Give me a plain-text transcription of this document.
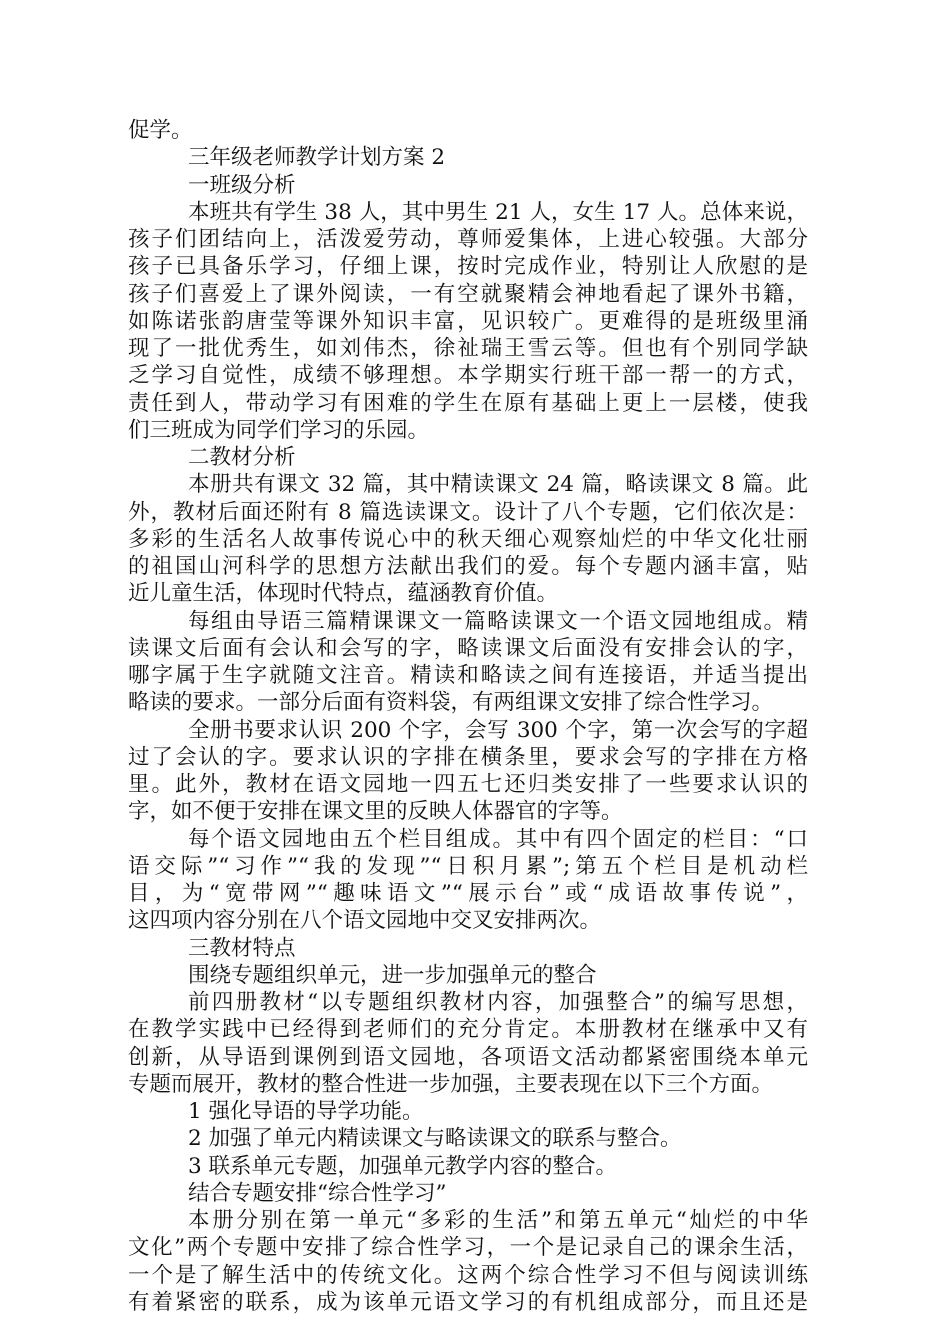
促学。
三年级老师教学计划方案 2
一班级分析
本班共有学生 38 人，其中男生 21 人，女生 17 人。总体来说，
孩子们团结向上，活泼爱劳动，尊师爱集体，上进心较强。大部分
孩子已具备乐学习，仔细上课，按时完成作业，特别让人欣慰的是
孩子们喜爱上了课外阅读，一有空就聚精会神地看起了课外书籍，
如陈诺张韵唐莹等课外知识丰富，见识较广。更难得的是班级里涌
现了一批优秀生，如刘伟杰，徐祉瑞王雪云等。但也有个别同学缺
乏学习自觉性，成绩不够理想。本学期实行班干部一帮一的方式，
责任到人，带动学习有困难的学生在原有基础上更上一层楼，使我
们三班成为同学们学习的乐园。
二教材分析
本册共有课文 32 篇，其中精读课文 24 篇，略读课文 8 篇。此
外，教材后面还附有 8 篇选读课文。设计了八个专题，它们依次是：
多彩的生活名人故事传说心中的秋天细心观察灿烂的中华文化壮丽
的祖国山河科学的思想方法献出我们的爱。每个专题内涵丰富，贴
近儿童生活，体现时代特点，蕴涵教育价值。
每组由导语三篇精课课文一篇略读课文一个语文园地组成。精
读课文后面有会认和会写的字，略读课文后面没有安排会认的字，
哪字属于生字就随文注音。精读和略读之间有连接语，并适当提出
略读的要求。一部分后面有资料袋，有两组课文安排了综合性学习。
全册书要求认识 200 个字，会写 300 个字，第一次会写的字超
过了会认的字。要求认识的字排在横条里，要求会写的字排在方格
里。此外，教材在语文园地一四五七还归类安排了一些要求认识的
字，如不便于安排在课文里的反映人体器官的字等。
每个语文园地由五个栏目组成。其中有四个固定的栏目：“口
语交际”“习作”“我的发现”“日积月累”;第五个栏目是机动栏
目，为“宽带网”“趣味语文”“展示台”或“成语故事传说”，
这四项内容分别在八个语文园地中交叉安排两次。
三教材特点
围绕专题组织单元，进一步加强单元的整合
前四册教材“以专题组织教材内容，加强整合”的编写思想，
在教学实践中已经得到老师们的充分肯定。本册教材在继承中又有
创新，从导语到课例到语文园地，各项语文活动都紧密围绕本单元
专题而展开，教材的整合性进一步加强，主要表现在以下三个方面。
1 强化导语的导学功能。
2 加强了单元内精读课文与略读课文的联系与整合。
3 联系单元专题，加强单元教学内容的整合。
结合专题安排“综合性学习”
本册分别在第一单元“多彩的生活”和第五单元“灿烂的中华
文化”两个专题中安排了综合性学习，一个是记录自己的课余生活，
一个是了解生活中的传统文化。这两个综合性学习不但与阅读训练
有着紧密的联系，成为该单元语文学习的有机组成部分，而且还是
